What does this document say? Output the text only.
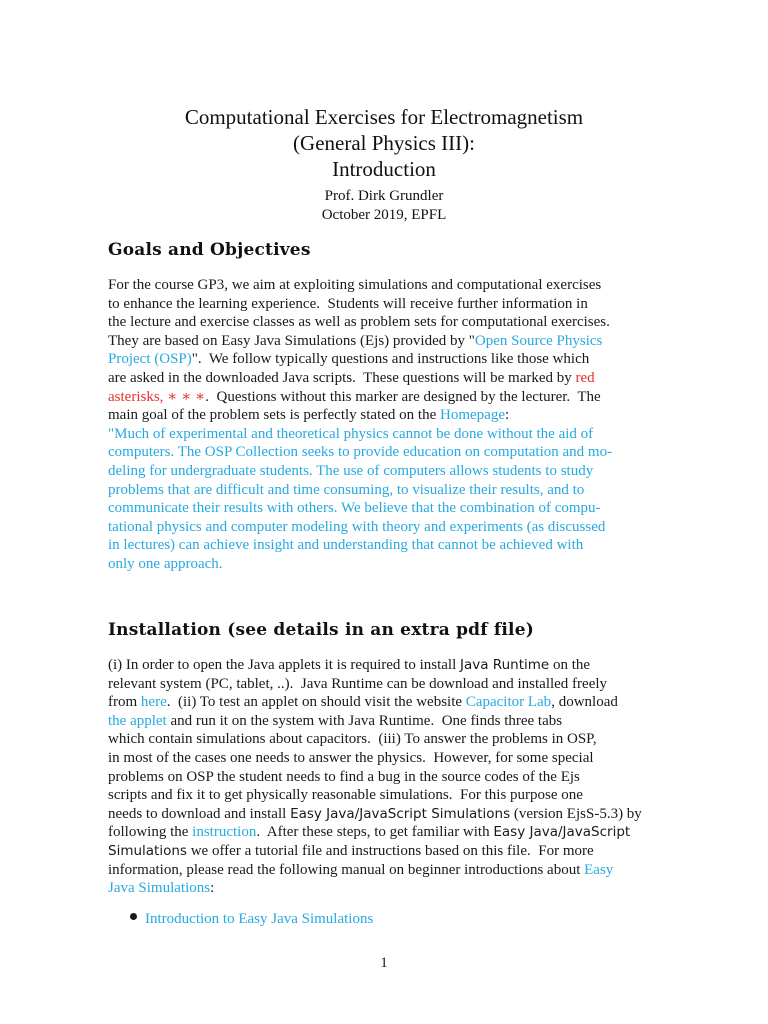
Computational Exercises for Electromagnetism
(General Physics III):
Introduction
Prof. Dirk Grundler
October 2019, EPFL
Goals and Objectives
For the course GP3, we aim at exploiting simulations and computational exercises
to enhance the learning experience.  Students will receive further information in
the lecture and exercise classes as well as problem sets for computational exercises.
They are based on Easy Java Simulations (Ejs) provided by "Open Source Physics
Project (OSP)".  We follow typically questions and instructions like those which
are asked in the downloaded Java scripts.  These questions will be marked by red
asterisks, ∗ ∗ ∗.  Questions without this marker are designed by the lecturer.  The
main goal of the problem sets is perfectly stated on the Homepage :
"Much of experimental and theoretical physics cannot be done without the aid of
computers. The OSP Collection seeks to provide education on computation and mo-
deling for undergraduate students. The use of computers allows students to study
problems that are difficult and time consuming, to visualize their results, and to
communicate their results with others. We believe that the combination of compu-
tational physics and computer modeling with theory and experiments (as discussed
in lectures) can achieve insight and understanding that cannot be achieved with
only one approach.
Installation (see details in an extra pdf file)
(i) In order to open the Java applets it is required to install Java Runtime on the
relevant system (PC, tablet, ..).  Java Runtime can be download and installed freely
from here.  (ii) To test an applet on should visit the website Capacitor Lab, download
the applet and run it on the system with Java Runtime.  One finds three tabs
which contain simulations about capacitors.  (iii) To answer the problems in OSP,
in most of the cases one needs to answer the physics.  However, for some special
problems on OSP the student needs to find a bug in the source codes of the Ejs
scripts and fix it to get physically reasonable simulations.  For this purpose one
needs to download and install Easy Java/JavaScript Simulations (version EjsS-5.3) by
following the instruction.  After these steps, to get familiar with Easy Java/JavaScript
Simulations we offer a tutorial file and instructions based on this file.  For more
information, please read the following manual on beginner introductions about Easy
Java Simulations :
Introduction to Easy Java Simulations
1
